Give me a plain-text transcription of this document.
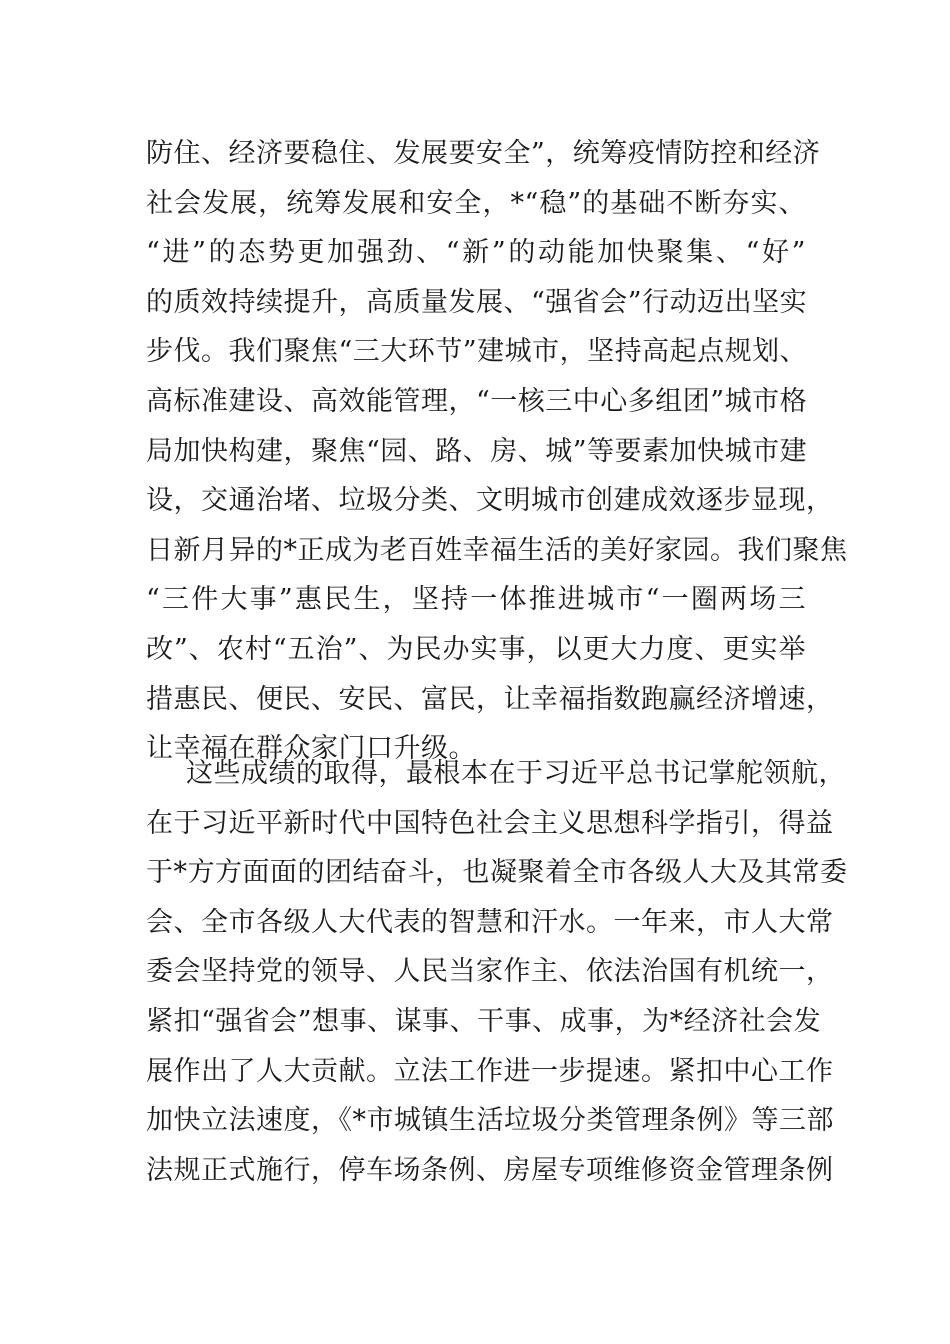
防住、经济要稳住、发展要安全”，统筹疫情防控和经济
社会发展，统筹发展和安全，*“稳”的基础不断夯实、
“进”的态势更加强劲、“新”的动能加快聚集、“好”
的质效持续提升，高质量发展、“强省会”行动迈出坚实
步伐。我们聚焦“三大环节”建城市，坚持高起点规划、
高标准建设、高效能管理，“一核三中心多组团”城市格
局加快构建，聚焦“园、路、房、城”等要素加快城市建
设，交通治堵、垃圾分类、文明城市创建成效逐步显现，
日新月异的*正成为老百姓幸福生活的美好家园。我们聚焦
“三件大事”惠民生，坚持一体推进城市“一圈两场三
改”、农村“五治”、为民办实事，以更大力度、更实举
措惠民、便民、安民、富民，让幸福指数跑赢经济增速，
让幸福在群众家门口升级。
这些成绩的取得，最根本在于习近平总书记掌舵领航，
在于习近平新时代中国特色社会主义思想科学指引，得益
于*方方面面的团结奋斗，也凝聚着全市各级人大及其常委
会、全市各级人大代表的智慧和汗水。一年来，市人大常
委会坚持党的领导、人民当家作主、依法治国有机统一，
紧扣“强省会”想事、谋事、干事、成事，为*经济社会发
展作出了人大贡献。立法工作进一步提速。紧扣中心工作
加快立法速度，《*市城镇生活垃圾分类管理条例》等三部
法规正式施行，停车场条例、房屋专项维修资金管理条例
